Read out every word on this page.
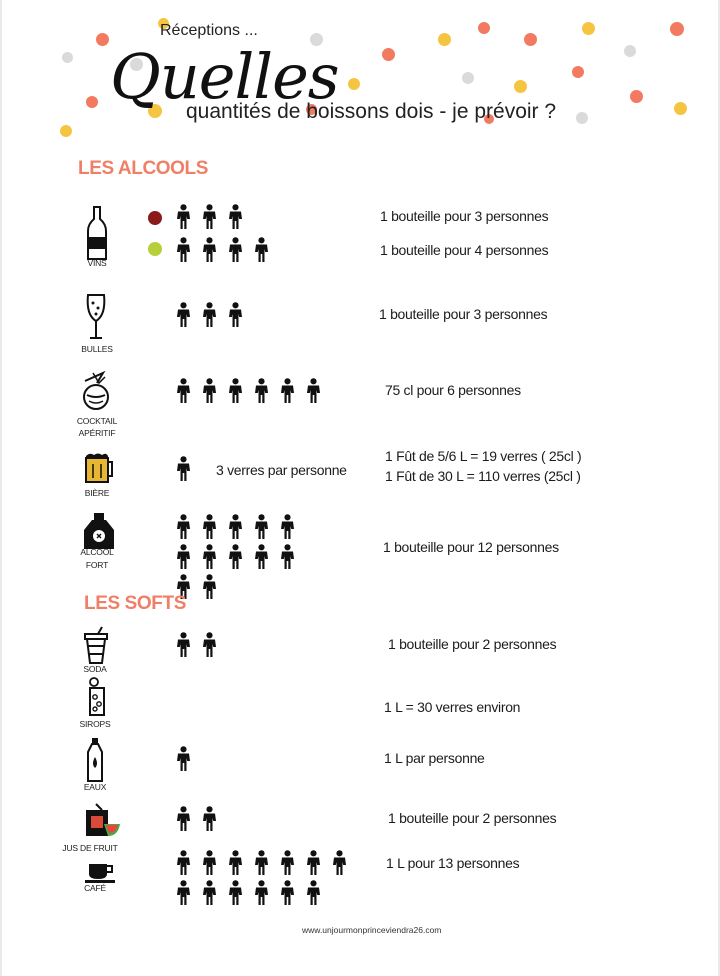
Réceptions ...
Quelles
quantités de boissons dois - je prévoir ?
LES ALCOOLS
VINS
1 bouteille pour 3 personnes
1 bouteille pour 4 personnes
BULLES
1 bouteille pour 3 personnes
COCKTAIL
APÉRITIF
75 cl pour 6 personnes
BIÈRE
3 verres par personne
1 Fût de 5/6 L = 19 verres ( 25cl )
1 Fût de 30 L = 110 verres (25cl )
ALCOOL
FORT
1 bouteille pour 12 personnes
LES SOFTS
SODA
1 bouteille pour 2 personnes
SIROPS
1 L = 30 verres environ
EAUX
1 L par personne
JUS DE FRUIT
1 bouteille pour 2 personnes
CAFÉ
1 L pour 13 personnes
www.unjourmonprinceviendra26.com
